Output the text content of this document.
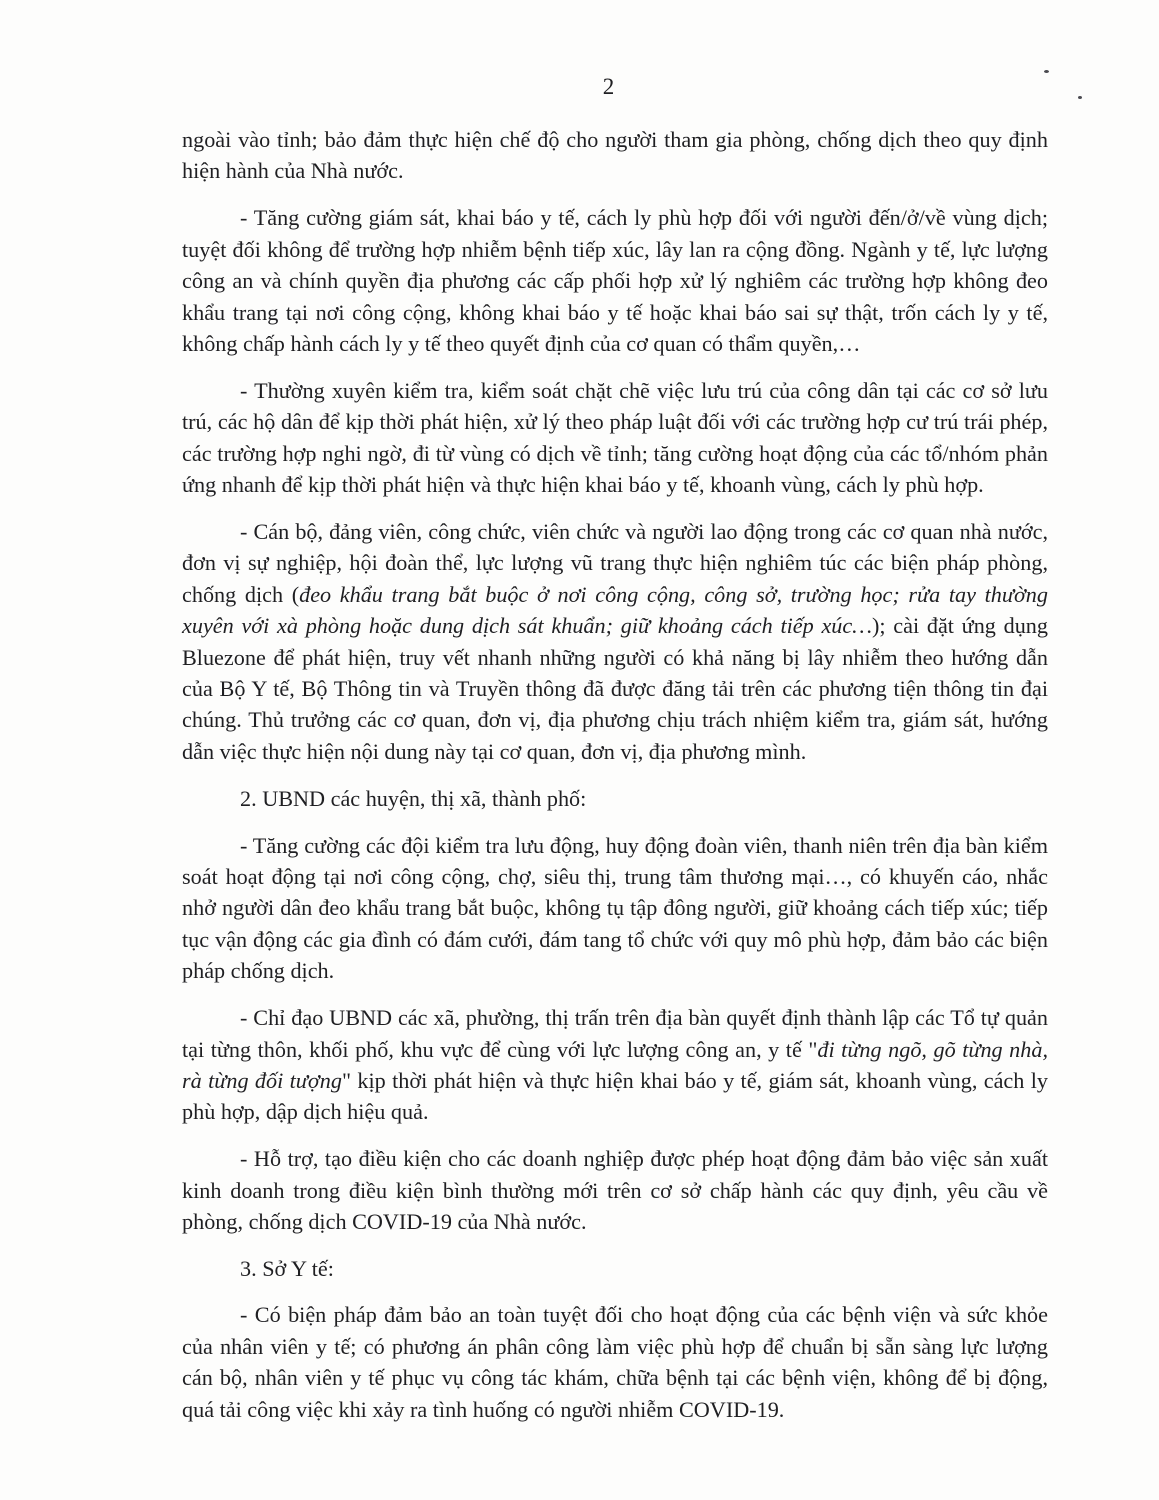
2

ngoài vào tỉnh; bảo đảm thực hiện chế độ cho người tham gia phòng, chống dịch theo quy định hiện hành của Nhà nước.

- Tăng cường giám sát, khai báo y tế, cách ly phù hợp đối với người đến/ở/về vùng dịch; tuyệt đối không để trường hợp nhiễm bệnh tiếp xúc, lây lan ra cộng đồng. Ngành y tế, lực lượng công an và chính quyền địa phương các cấp phối hợp xử lý nghiêm các trường hợp không đeo khẩu trang tại nơi công cộng, không khai báo y tế hoặc khai báo sai sự thật, trốn cách ly y tế, không chấp hành cách ly y tế theo quyết định của cơ quan có thẩm quyền,…

- Thường xuyên kiểm tra, kiểm soát chặt chẽ việc lưu trú của công dân tại các cơ sở lưu trú, các hộ dân để kịp thời phát hiện, xử lý theo pháp luật đối với các trường hợp cư trú trái phép, các trường hợp nghi ngờ, đi từ vùng có dịch về tỉnh; tăng cường hoạt động của các tổ/nhóm phản ứng nhanh để kịp thời phát hiện và thực hiện khai báo y tế, khoanh vùng, cách ly phù hợp.

- Cán bộ, đảng viên, công chức, viên chức và người lao động trong các cơ quan nhà nước, đơn vị sự nghiệp, hội đoàn thể, lực lượng vũ trang thực hiện nghiêm túc các biện pháp phòng, chống dịch (đeo khẩu trang bắt buộc ở nơi công cộng, công sở, trường học; rửa tay thường xuyên với xà phòng hoặc dung dịch sát khuẩn; giữ khoảng cách tiếp xúc…); cài đặt ứng dụng Bluezone để phát hiện, truy vết nhanh những người có khả năng bị lây nhiễm theo hướng dẫn của Bộ Y tế, Bộ Thông tin và Truyền thông đã được đăng tải trên các phương tiện thông tin đại chúng. Thủ trưởng các cơ quan, đơn vị, địa phương chịu trách nhiệm kiểm tra, giám sát, hướng dẫn việc thực hiện nội dung này tại cơ quan, đơn vị, địa phương mình.

2. UBND các huyện, thị xã, thành phố:

- Tăng cường các đội kiểm tra lưu động, huy động đoàn viên, thanh niên trên địa bàn kiểm soát hoạt động tại nơi công cộng, chợ, siêu thị, trung tâm thương mại…, có khuyến cáo, nhắc nhở người dân đeo khẩu trang bắt buộc, không tụ tập đông người, giữ khoảng cách tiếp xúc; tiếp tục vận động các gia đình có đám cưới, đám tang tổ chức với quy mô phù hợp, đảm bảo các biện pháp chống dịch.

- Chỉ đạo UBND các xã, phường, thị trấn trên địa bàn quyết định thành lập các Tổ tự quản tại từng thôn, khối phố, khu vực để cùng với lực lượng công an, y tế "đi từng ngõ, gõ từng nhà, rà từng đối tượng" kịp thời phát hiện và thực hiện khai báo y tế, giám sát, khoanh vùng, cách ly phù hợp, dập dịch hiệu quả.

- Hỗ trợ, tạo điều kiện cho các doanh nghiệp được phép hoạt động đảm bảo việc sản xuất kinh doanh trong điều kiện bình thường mới trên cơ sở chấp hành các quy định, yêu cầu về phòng, chống dịch COVID-19 của Nhà nước.

3. Sở Y tế:

- Có biện pháp đảm bảo an toàn tuyệt đối cho hoạt động của các bệnh viện và sức khỏe của nhân viên y tế; có phương án phân công làm việc phù hợp để chuẩn bị sẵn sàng lực lượng cán bộ, nhân viên y tế phục vụ công tác khám, chữa bệnh tại các bệnh viện, không để bị động, quá tải công việc khi xảy ra tình huống có người nhiễm COVID-19.
